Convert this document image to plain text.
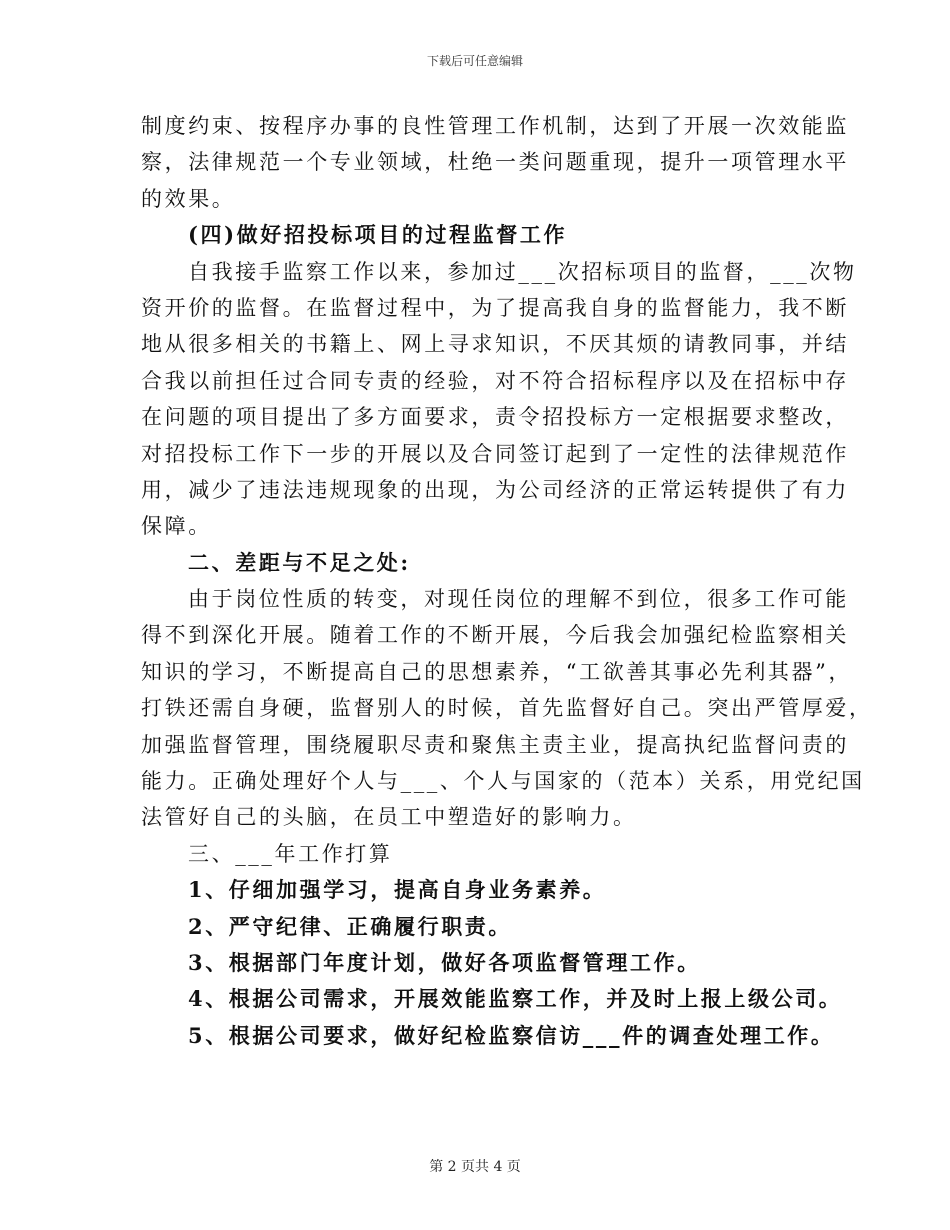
下载后可任意编辑
制度约束、按程序办事的良性管理工作机制，达到了开展一次效能监
察，法律规范一个专业领域，杜绝一类问题重现，提升一项管理水平
的效果。
(四)做好招投标项目的过程监督工作
自我接手监察工作以来，参加过___次招标项目的监督，___次物
资开价的监督。在监督过程中，为了提高我自身的监督能力，我不断
地从很多相关的书籍上、网上寻求知识，不厌其烦的请教同事，并结
合我以前担任过合同专责的经验，对不符合招标程序以及在招标中存
在问题的项目提出了多方面要求，责令招投标方一定根据要求整改，
对招投标工作下一步的开展以及合同签订起到了一定性的法律规范作
用，减少了违法违规现象的出现，为公司经济的正常运转提供了有力
保障。
二、差距与不足之处:
由于岗位性质的转变，对现任岗位的理解不到位，很多工作可能
得不到深化开展。随着工作的不断开展，今后我会加强纪检监察相关
知识的学习，不断提高自己的思想素养，“工欲善其事必先利其器”，
打铁还需自身硬，监督别人的时候，首先监督好自己。突出严管厚爱，
加强监督管理，围绕履职尽责和聚焦主责主业，提高执纪监督问责的
能力。正确处理好个人与___、个人与国家的（范本）关系，用党纪国
法管好自己的头脑，在员工中塑造好的影响力。
三、___年工作打算
1、仔细加强学习，提高自身业务素养。
2、严守纪律、正确履行职责。
3、根据部门年度计划，做好各项监督管理工作。
4、根据公司需求，开展效能监察工作，并及时上报上级公司。
5、根据公司要求，做好纪检监察信访___件的调查处理工作。
第 2 页共 4 页
